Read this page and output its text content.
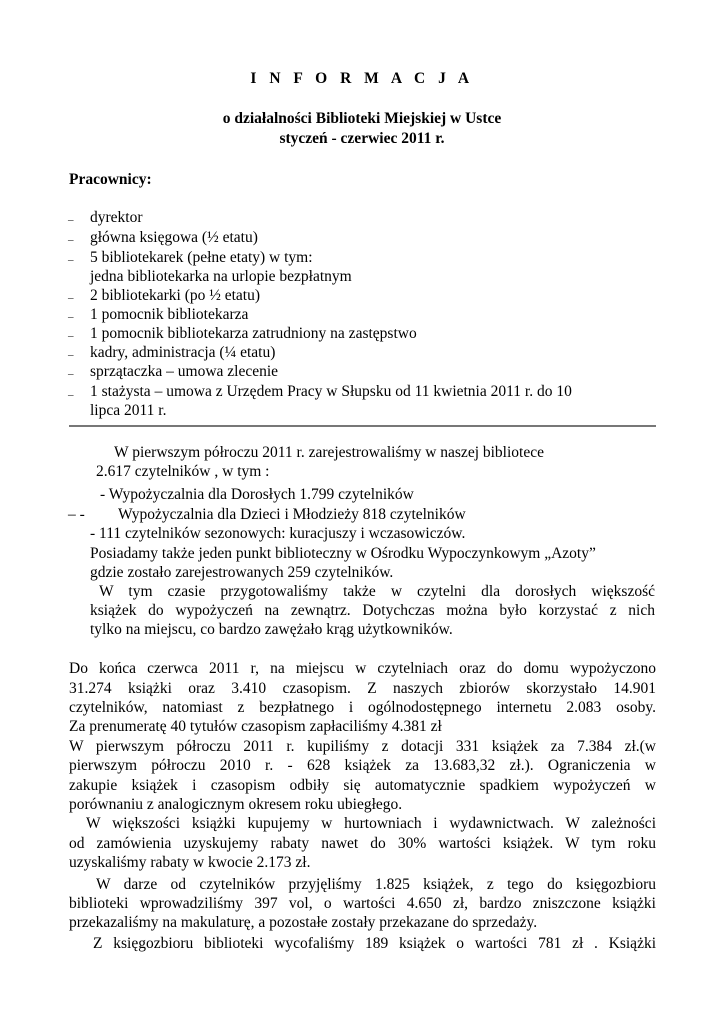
I N F O R M A C J A
o działalności Biblioteki Miejskiej w Ustce
styczeń - czerwiec 2011 r.
Pracownicy:
– dyrektor
– główna księgowa (½ etatu)
– 5 bibliotekarek (pełne etaty) w tym:
jedna bibliotekarka na urlopie bezpłatnym
– 2 bibliotekarki (po ½ etatu)
– 1 pomocnik bibliotekarza
– 1 pomocnik bibliotekarza zatrudniony na zastępstwo
– kadry, administracja (¼ etatu)
– sprzątaczka – umowa zlecenie
– 1 stażysta – umowa z Urzędem Pracy w Słupsku od 11 kwietnia 2011 r. do 10
lipca 2011 r.
W pierwszym półroczu 2011 r. zarejestrowaliśmy w naszej bibliotece
2.617 czytelników , w tym :
- Wypożyczalnia dla Dorosłych 1.799 czytelników
– - Wypożyczalnia dla Dzieci i Młodzieży 818 czytelników
- 111 czytelników sezonowych: kuracjuszy i wczasowiczów.
Posiadamy także jeden punkt biblioteczny w Ośrodku Wypoczynkowym „Azoty”
gdzie zostało zarejestrowanych 259 czytelników.
W tym czasie przygotowaliśmy także w czytelni dla dorosłych większość
książek do wypożyczeń na zewnątrz. Dotychczas można było korzystać z nich
tylko na miejscu, co bardzo zawężało krąg użytkowników.
Do końca czerwca 2011 r, na miejscu w czytelniach oraz do domu wypożyczono
31.274 książki oraz 3.410 czasopism. Z naszych zbiorów skorzystało 14.901
czytelników, natomiast z bezpłatnego i ogólnodostępnego internetu 2.083 osoby.
Za prenumeratę 40 tytułów czasopism zapłaciliśmy 4.381 zł
W pierwszym półroczu 2011 r. kupiliśmy z dotacji 331 książek za 7.384 zł.(w
pierwszym półroczu 2010 r. - 628 książek za 13.683,32 zł.). Ograniczenia w
zakupie książek i czasopism odbiły się automatycznie spadkiem wypożyczeń w
porównaniu z analogicznym okresem roku ubiegłego.
W większości książki kupujemy w hurtowniach i wydawnictwach. W zależności
od zamówienia uzyskujemy rabaty nawet do 30% wartości książek. W tym roku
uzyskaliśmy rabaty w kwocie 2.173 zł.
W darze od czytelników przyjęliśmy 1.825 książek, z tego do księgozbioru
biblioteki wprowadziliśmy 397 vol, o wartości 4.650 zł, bardzo zniszczone książki
przekazaliśmy na makulaturę, a pozostałe zostały przekazane do sprzedaży.
Z księgozbioru biblioteki wycofaliśmy 189 książek o wartości 781 zł . Książki
